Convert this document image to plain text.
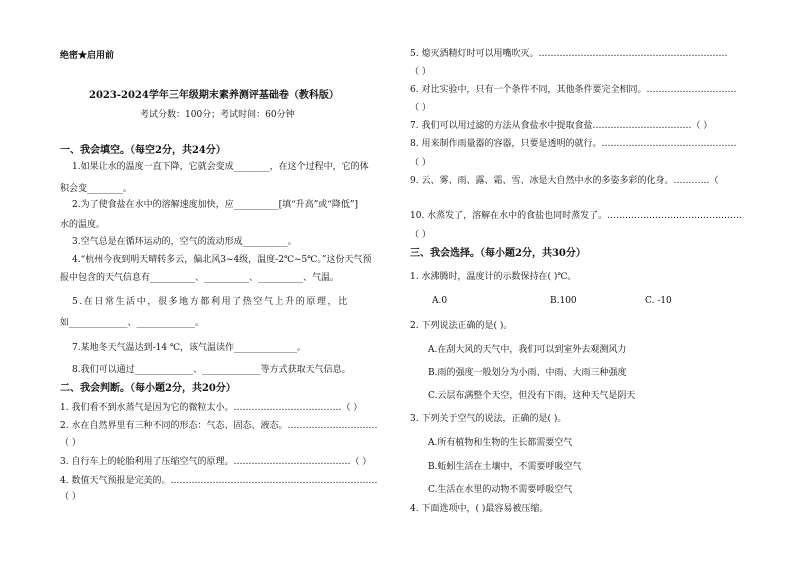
绝密★启用前
2023-2024学年三年级期末素养测评基础卷（教科版）
考试分数：100分；考试时间：60分钟
一、我会填空。（每空2分，共24分）
1.如果让水的温度一直下降，它就会变成________，在这个过程中，它的体
积会变________。
2.为了使食盐在水中的溶解速度加快，应__________[填“升高”或“降低”]
水的温度。
3.空气总是在循环运动的，空气的流动形成__________。
4.“杭州今夜到明天晴转多云，偏北风3~4级，温度-2℃~5℃。”这份天气预
报中包含的天气信息有__________、__________、__________、气温。
5.在日常生活中，很多地方都利用了热空气上升的原理，比
如_____________、_____________。
7.某地冬天气温达到-14 ℃，该气温读作______________。
8.我们可以通过_____________、_____________等方式获取天气信息。
二、我会判断。（每小题2分，共20分）
1. 我们看不到水蒸气是因为它的微粒太小。………………………………（ ）
2. 水在自然界里有三种不同的形态：气态、固态、液态。…………………………
（ ）
3. 自行车上的轮胎利用了压缩空气的原理。…………………………………（ ）
4. 数值天气预报是完美的。……………………………………………………………
（ ）
5. 熄灭酒精灯时可以用嘴吹灭。………………………………………………………
（ ）
6. 对比实验中，只有一个条件不同，其他条件要完全相同。…………………………
（ ）
7. 我们可以用过滤的方法从食盐水中提取食盐……………………………（ ）
8. 用来制作雨量器的容器，只要是透明的就行。………………………………………
（ ）
9. 云、雾、雨、露、霜、雪、冰是大自然中水的多姿多彩的化身。…………（
10. 水蒸发了，溶解在水中的食盐也同时蒸发了。………………………………………
（ ）
三、我会选择。（每小题2分，共30分）
1. 水沸腾时，温度计的示数保持在( )℃。
A.0	B.100	C. -10
2. 下列说法正确的是( )。
A.在刮大风的天气中，我们可以到室外去观测风力
B.雨的强度一般划分为小雨、中雨、大雨三种强度
C.云层布满整个天空，但没有下雨，这种天气是阴天
3. 下列关于空气的说法，正确的是( )。
A.所有植物和生物的生长都需要空气
B.蚯蚓生活在土壤中，不需要呼吸空气
C.生活在水里的动物不需要呼吸空气
4. 下面选项中，( )最容易被压缩。
